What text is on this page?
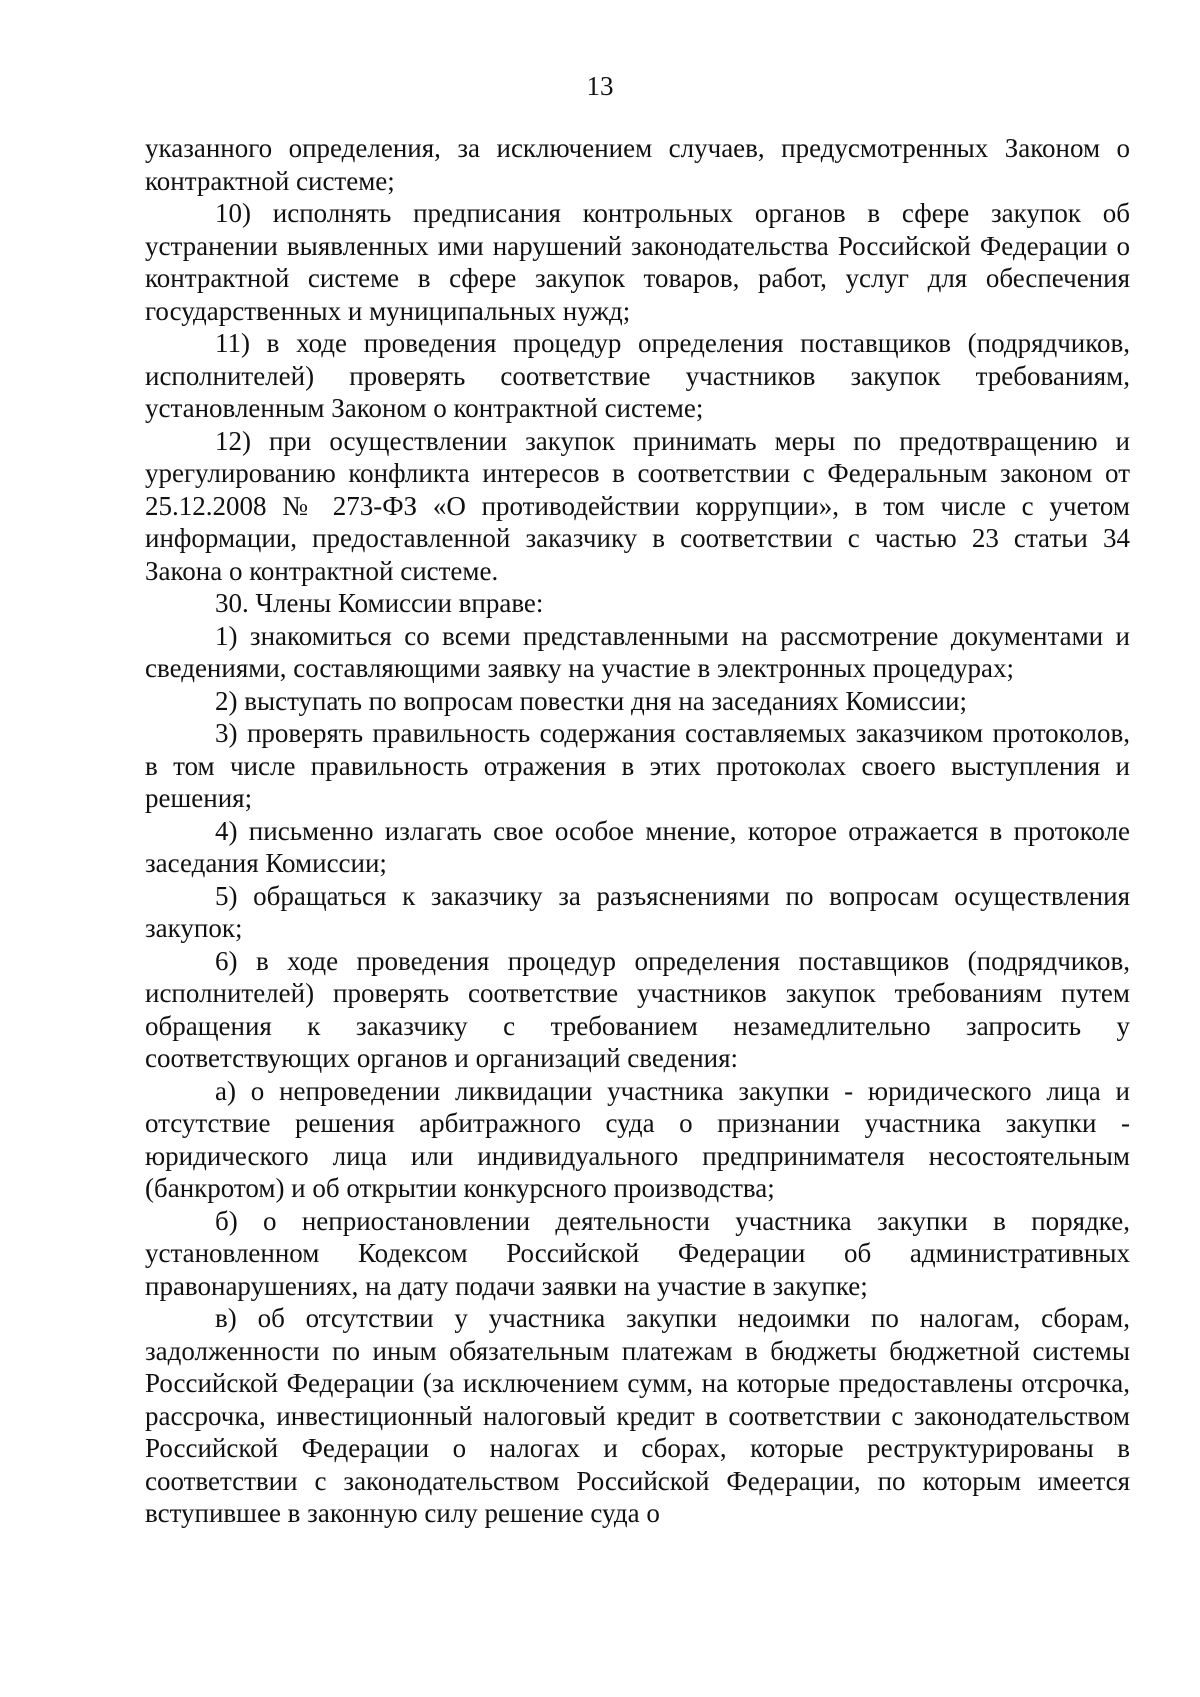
13

указанного определения, за исключением случаев, предусмотренных Законом о контрактной системе;

10) исполнять предписания контрольных органов в сфере закупок об устранении выявленных ими нарушений законодательства Российской Федерации о контрактной системе в сфере закупок товаров, работ, услуг для обеспечения государственных и муниципальных нужд;

11) в ходе проведения процедур определения поставщиков (подрядчиков, исполнителей) проверять соответствие участников закупок требованиям, установленным Законом о контрактной системе;

12) при осуществлении закупок принимать меры по предотвращению и урегулированию конфликта интересов в соответствии с Федеральным законом от 25.12.2008 № 273-ФЗ «О противодействии коррупции», в том числе с учетом информации, предоставленной заказчику в соответствии с частью 23 статьи 34 Закона о контрактной системе.

30. Члены Комиссии вправе:

1) знакомиться со всеми представленными на рассмотрение документами и сведениями, составляющими заявку на участие в электронных процедурах;

2) выступать по вопросам повестки дня на заседаниях Комиссии;

3) проверять правильность содержания составляемых заказчиком протоколов, в том числе правильность отражения в этих протоколах своего выступления и решения;

4) письменно излагать свое особое мнение, которое отражается в протоколе заседания Комиссии;

5) обращаться к заказчику за разъяснениями по вопросам осуществления закупок;

6) в ходе проведения процедур определения поставщиков (подрядчиков, исполнителей) проверять соответствие участников закупок требованиям путем обращения к заказчику с требованием незамедлительно запросить у соответствующих органов и организаций сведения:

а) о непроведении ликвидации участника закупки - юридического лица и отсутствие решения арбитражного суда о признании участника закупки - юридического лица или индивидуального предпринимателя несостоятельным (банкротом) и об открытии конкурсного производства;

б) о неприостановлении деятельности участника закупки в порядке, установленном Кодексом Российской Федерации об административных правонарушениях, на дату подачи заявки на участие в закупке;

в) об отсутствии у участника закупки недоимки по налогам, сборам, задолженности по иным обязательным платежам в бюджеты бюджетной системы Российской Федерации (за исключением сумм, на которые предоставлены отсрочка, рассрочка, инвестиционный налоговый кредит в соответствии с законодательством Российской Федерации о налогах и сборах, которые реструктурированы в соответствии с законодательством Российской Федерации, по которым имеется вступившее в законную силу решение суда о
